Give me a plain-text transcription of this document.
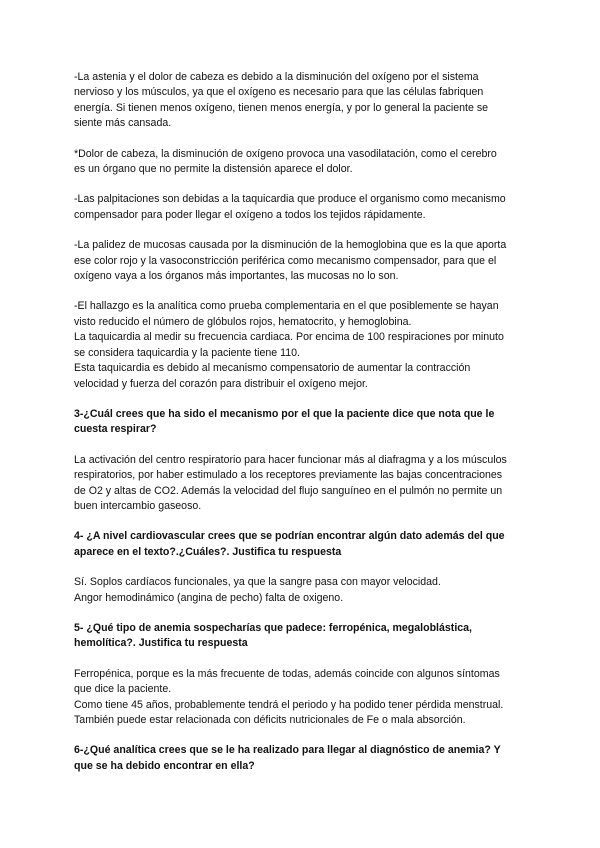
-La astenia y el dolor de cabeza es debido a la disminución del oxígeno por el sistema
nervioso y los músculos, ya que el oxígeno es necesario para que las células fabriquen
energía. Si tienen menos oxígeno, tienen menos energía, y por lo general la paciente se
siente más cansada.
*Dolor de cabeza, la disminución de oxígeno provoca una vasodilatación, como el cerebro
es un órgano que no permite la distensión aparece el dolor.
-Las palpitaciones son debidas a la taquicardia que produce el organismo como mecanismo
compensador para poder llegar el oxígeno a todos los tejidos rápidamente.
-La palidez de mucosas causada por la disminución de la hemoglobina que es la que aporta
ese color rojo y la vasoconstricción periférica como mecanismo compensador, para que el
oxígeno vaya a los órganos más importantes, las mucosas no lo son.
-El hallazgo es la analítica como prueba complementaria en el que posiblemente se hayan
visto reducido el número de glóbulos rojos, hematocrito, y hemoglobina.
La taquicardia al medir su frecuencia cardiaca. Por encima de 100 respiraciones por minuto
se considera taquicardia y la paciente tiene 110.
Esta taquicardia es debido al mecanismo compensatorio de aumentar la contracción
velocidad y fuerza del corazón para distribuir el oxígeno mejor.
3-¿Cuál crees que ha sido el mecanismo por el que la paciente dice que nota que le
cuesta respirar?
La activación del centro respiratorio para hacer funcionar más al diafragma y a los músculos
respiratorios, por haber estimulado a los receptores previamente las bajas concentraciones
de O2 y altas de CO2. Además la velocidad del flujo sanguíneo en el pulmón no permite un
buen intercambio gaseoso.
4- ¿A nivel cardiovascular crees que se podrían encontrar algún dato además del que
aparece en el texto?.¿Cuáles?. Justifica tu respuesta
Sí. Soplos cardíacos funcionales, ya que la sangre pasa con mayor velocidad.
Angor hemodinámico (angina de pecho) falta de oxigeno.
5- ¿Qué tipo de anemia sospecharías que padece: ferropénica, megaloblástica,
hemolítica?. Justifica tu respuesta
Ferropénica, porque es la más frecuente de todas, además coincide con algunos síntomas
que dice la paciente.
Como tiene 45 años, probablemente tendrá el periodo y ha podido tener pérdida menstrual.
También puede estar relacionada con déficits nutricionales de Fe o mala absorción.
6-¿Qué analítica crees que se le ha realizado para llegar al diagnóstico de anemia? Y
que se ha debido encontrar en ella?
